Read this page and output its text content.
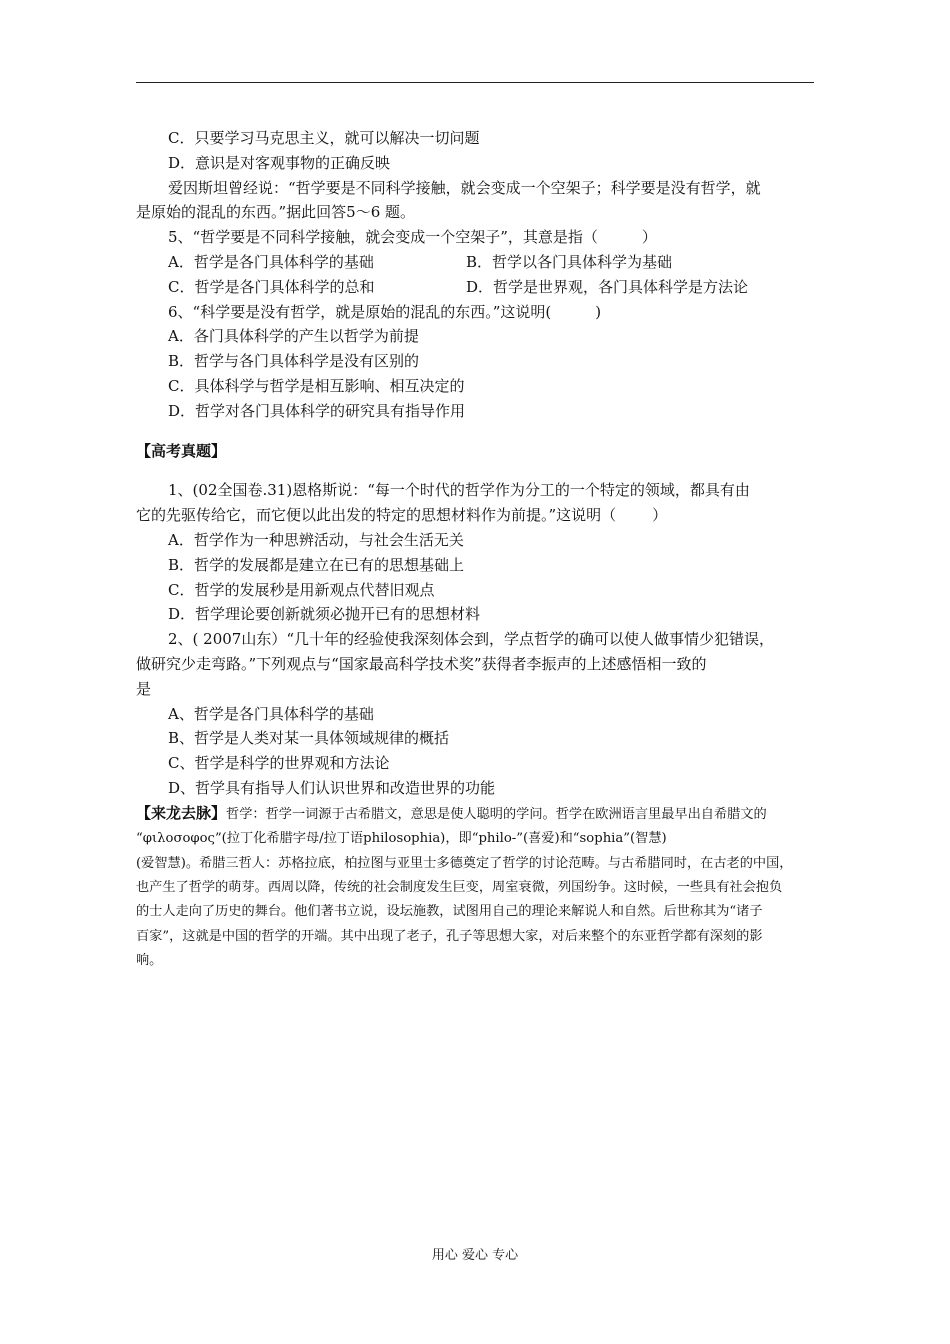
C．只要学习马克思主义，就可以解决一切问题

D．意识是对客观事物的正确反映

爱因斯坦曾经说：“哲学要是不同科学接触，就会变成一个空架子；科学要是没有哲学，就

是原始的混乱的东西。”据此回答5～6 题。

5、“哲学要是不同科学接触，就会变成一个空架子”，其意是指（	）

A．哲学是各门具体科学的基础	B．哲学以各门具体科学为基础
C．哲学是各门具体科学的总和	D．哲学是世界观，各门具体科学是方法论

6、“科学要是没有哲学，就是原始的混乱的东西。”这说明(	)

A．各门具体科学的产生以哲学为前提

B．哲学与各门具体科学是没有区别的

C．具体科学与哲学是相互影响、相互决定的

D．哲学对各门具体科学的研究具有指导作用

【高考真题】

1、(02全国卷.31)恩格斯说：“每一个时代的哲学作为分工的一个特定的领域，都具有由

它的先驱传给它，而它便以此出发的特定的思想材料作为前提。”这说明（ ）

A．哲学作为一种思辨活动，与社会生活无关

B．哲学的发展都是建立在已有的思想基础上

C．哲学的发展秒是用新观点代替旧观点

D．哲学理论要创新就须必抛开已有的思想材料

2、( 2007山东）“几十年的经验使我深刻体会到，学点哲学的确可以使人做事情少犯错误，

做研究少走弯路。”下列观点与“国家最高科学技术奖”获得者李振声的上述感悟相一致的

是

A、哲学是各门具体科学的基础

B、哲学是人类对某一具体领域规律的概括

C、哲学是科学的世界观和方法论

D、哲学具有指导人们认识世界和改造世界的功能

【来龙去脉】哲学：哲学一词源于古希腊文，意思是使人聪明的学问。哲学在欧洲语言里最早出自希腊文的
“φιλοσοφος”(拉丁化希腊字母/拉丁语philosophia)，即“philo-”(喜爱)和“sophia”(智慧)
(爱智慧)。希腊三哲人：苏格拉底，柏拉图与亚里士多德奠定了哲学的讨论范畴。与古希腊同时，在古老的中国，
也产生了哲学的萌芽。西周以降，传统的社会制度发生巨变，周室衰微，列国纷争。这时候，一些具有社会抱负
的士人走向了历史的舞台。他们著书立说，设坛施教，试图用自己的理论来解说人和自然。后世称其为“诸子
百家”，这就是中国的哲学的开端。其中出现了老子，孔子等思想大家，对后来整个的东亚哲学都有深刻的影
响。
用心 爱心 专心
